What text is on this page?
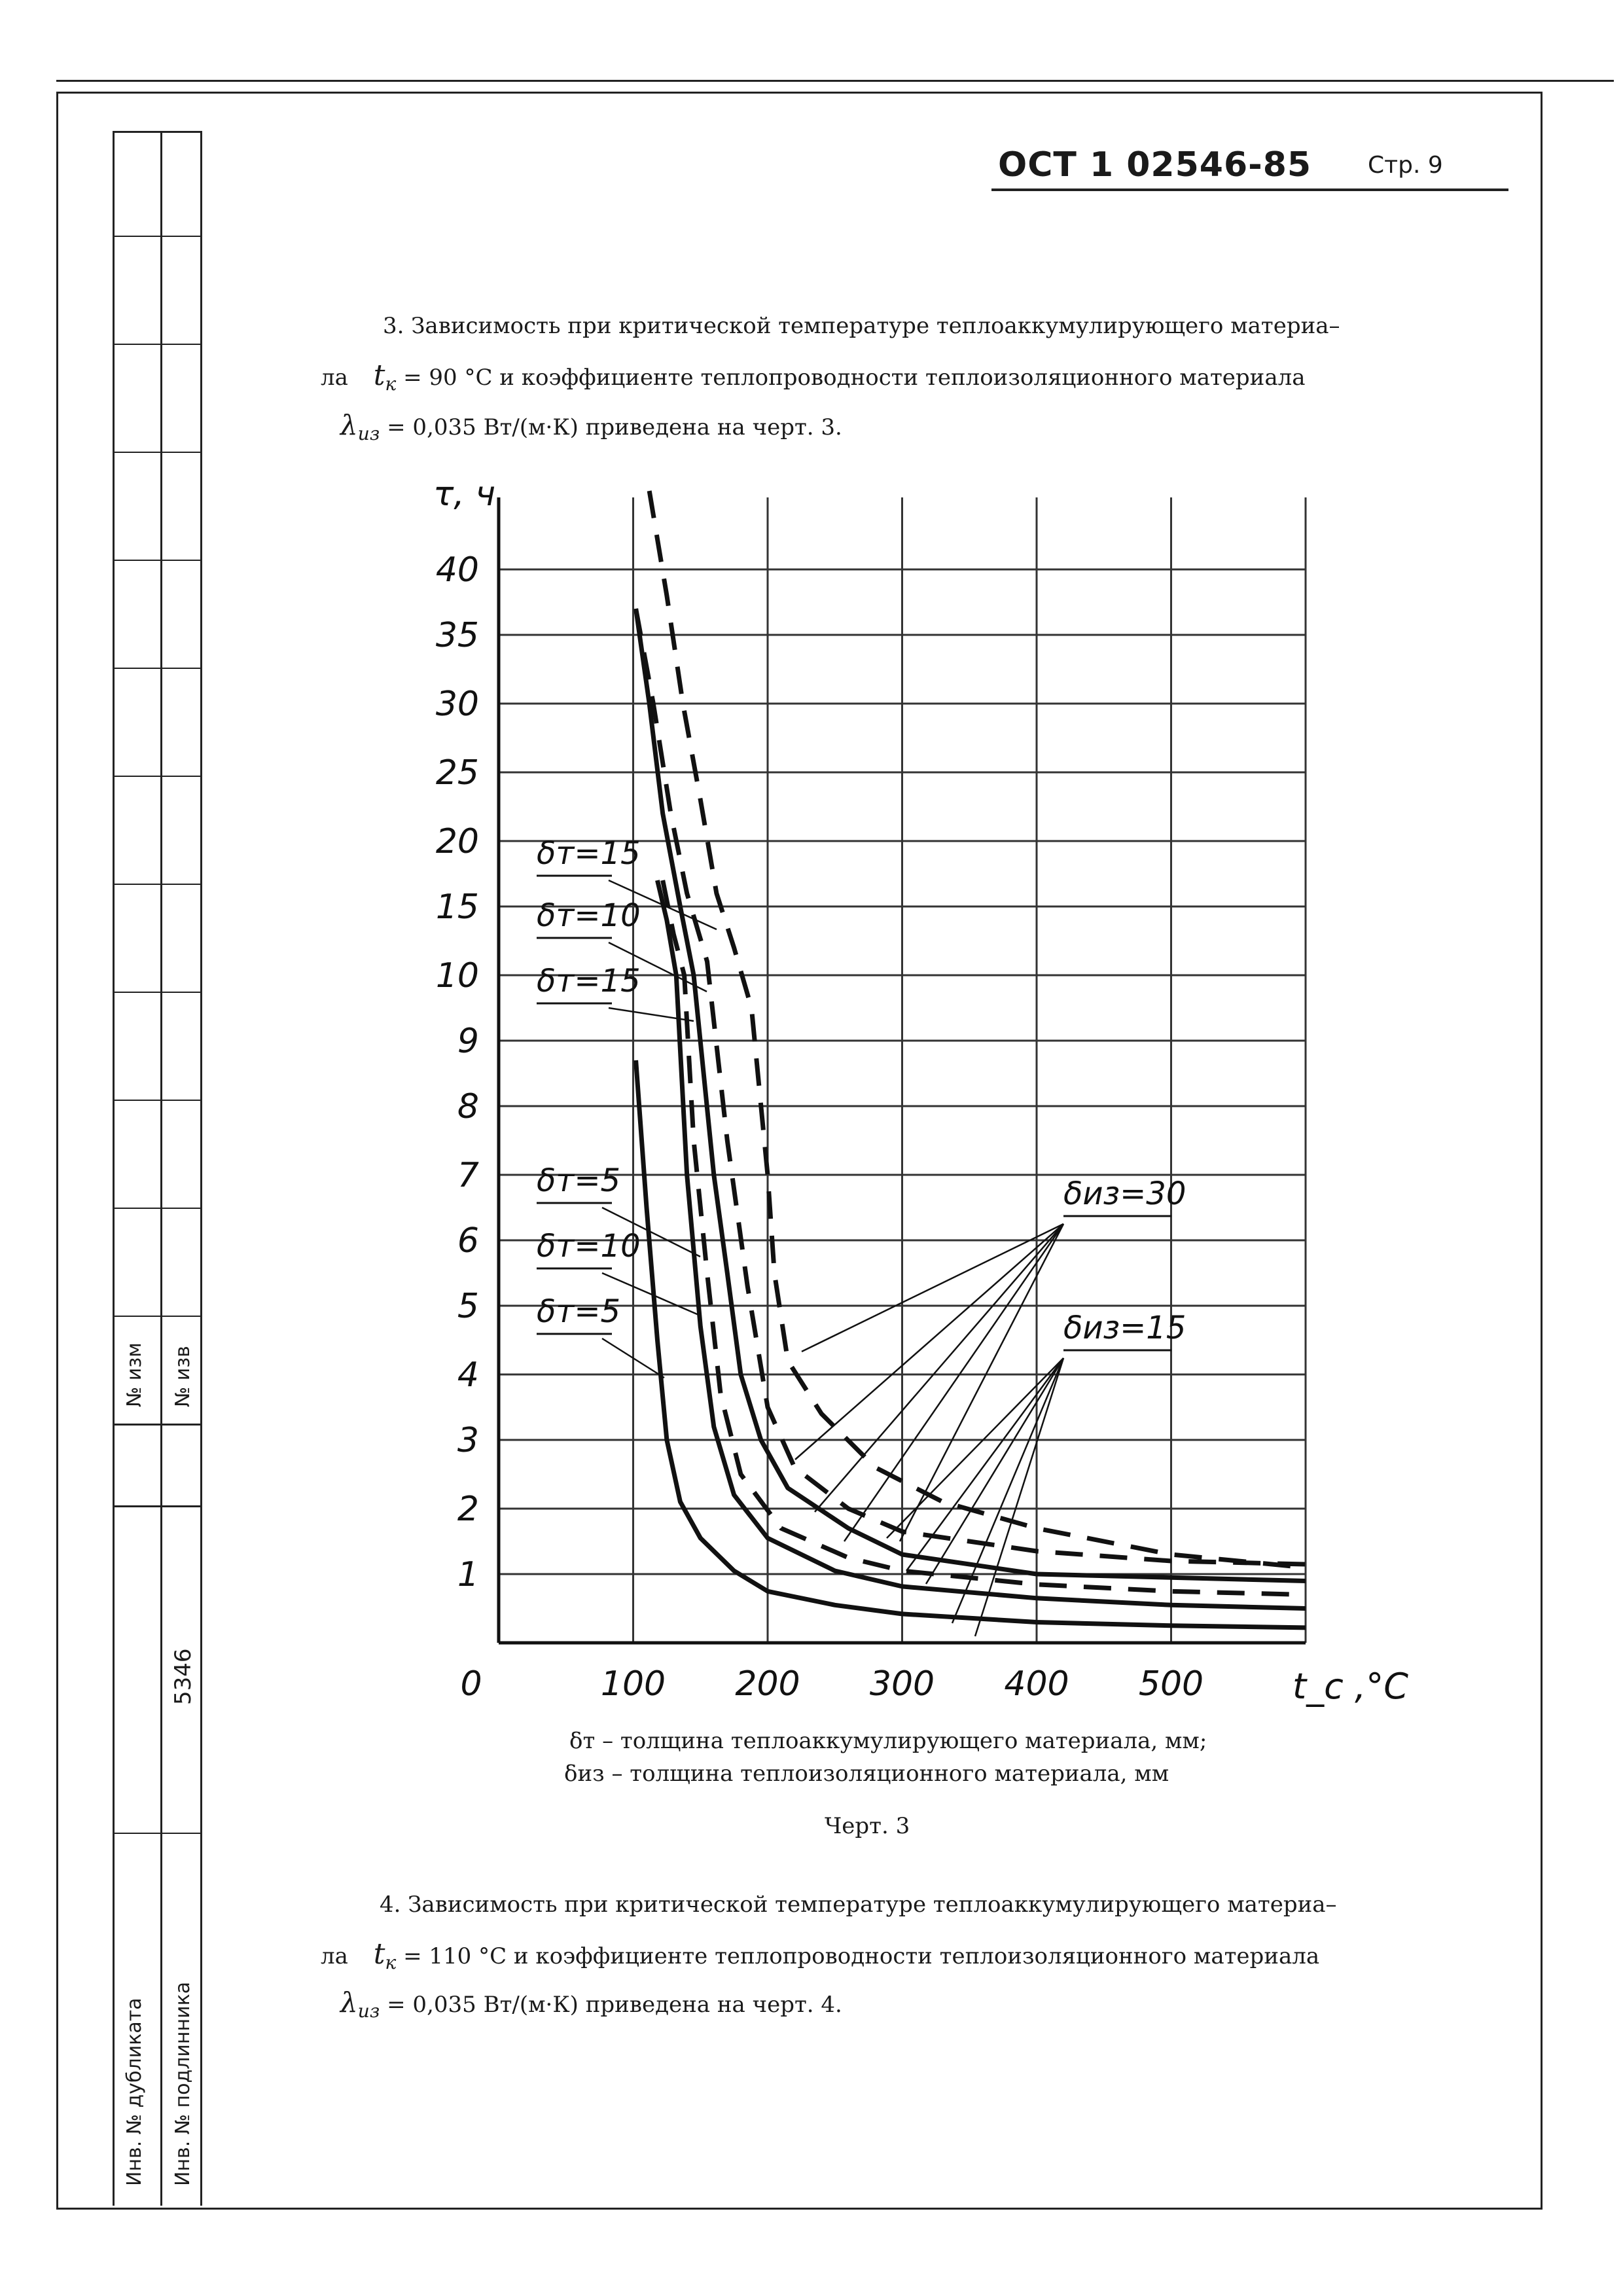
№ изм № изв
5346
Инв. № дубликата Инв. № подлинника
ОСТ 1 02546-85 Стр. 9
3. Зависимость при критической температуре теплоаккумулирующего материа–
ла $t_к = 90$ °С и коэффициенте теплопроводности теплоизоляционного материала
$\lambda_{из} = 0,035$ Вт/(м·К) приведена на черт. 3.
1
2
3
4
5
6
7
8
9
10
15
20
25
30
35
40
0	100 200 300 400 500
τ, ч
t_c ,°C
δт=15
δт=10
δт=15
δт=5
δт=10
δт=5
δиз=30
δиз=15
δт – толщина теплоаккумулирующего материала, мм;
δиз – толщина теплоизоляционного материала, мм
Черт. 3
4. Зависимость при критической температуре теплоаккумулирующего материа–
ла $t_к = 110$ °С и коэффициенте теплопроводности теплоизоляционного материала
$\lambda_{из} = 0,035$ Вт/(м·К) приведена на черт. 4.
